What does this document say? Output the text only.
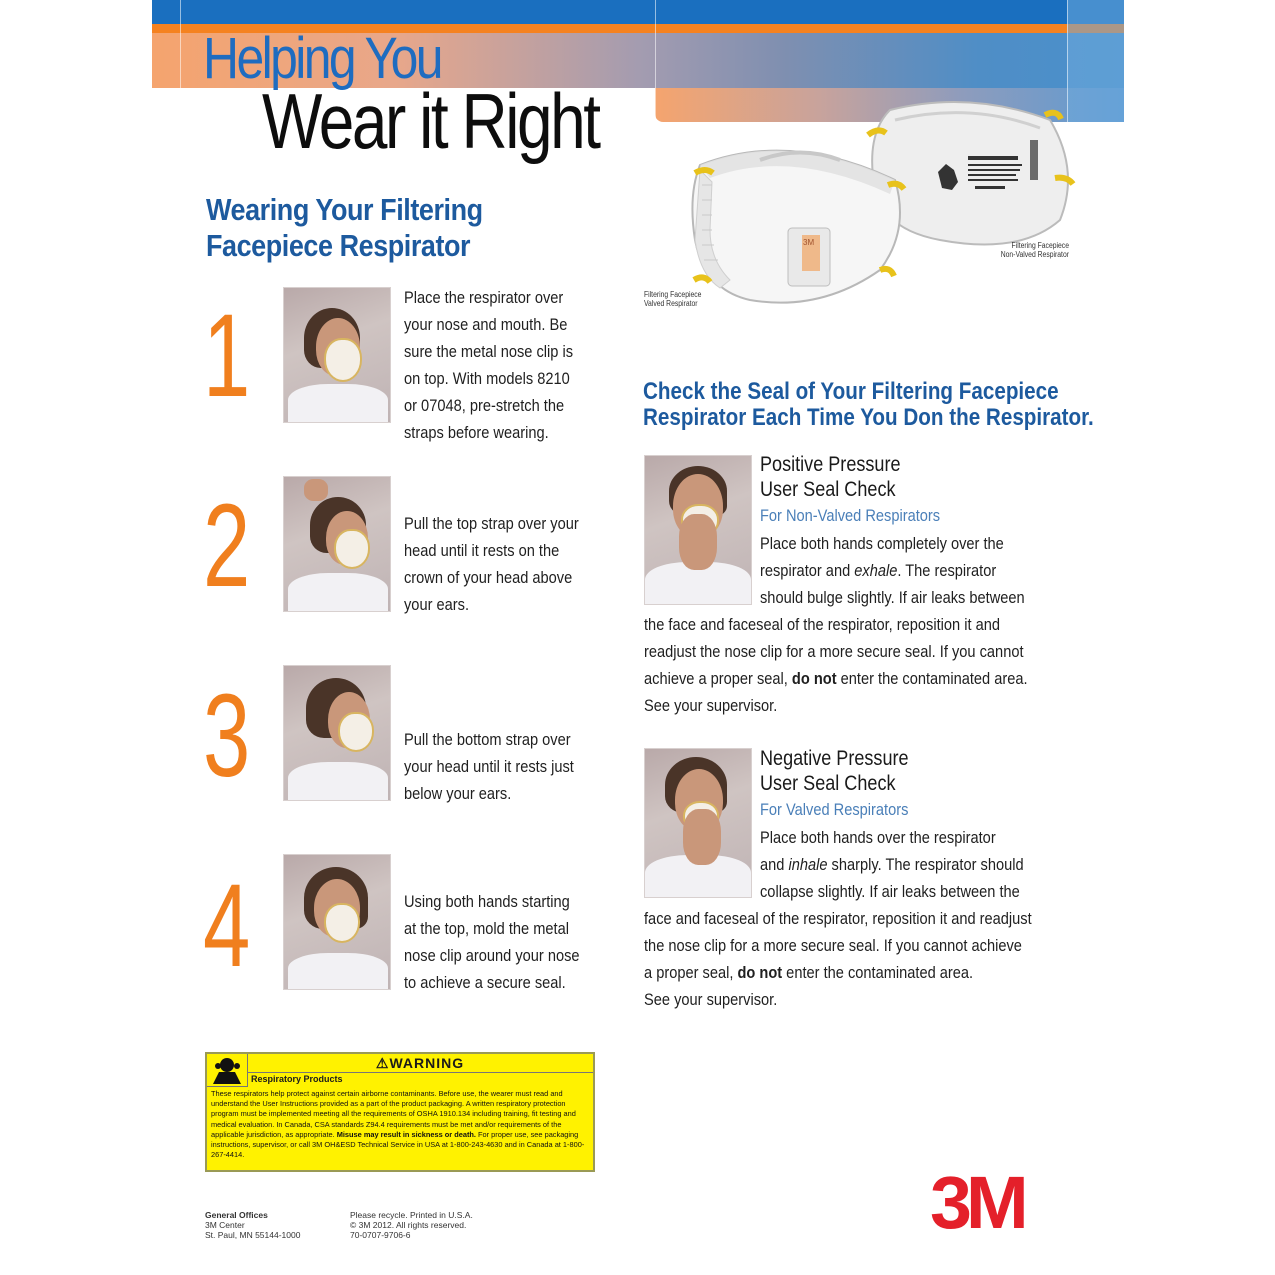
Helping You
Wear it Right
3M
Filtering Facepiece
Valved Respirator
Filtering Facepiece
Non-Valved Respirator
Wearing Your Filtering
Facepiece Respirator
1	Place the respirator over
your nose and mouth. Be
sure the metal nose clip is
on top. With models 8210
or 07048, pre-stretch the
straps before wearing.
2	Pull the top strap over your
head until it rests on the
crown of your head above
your ears.
3	Pull the bottom strap over
your head until it rests just
below your ears.
4	Using both hands starting
at the top, mold the metal
nose clip around your nose
to achieve a secure seal.
Check the Seal of Your Filtering Facepiece
Respirator Each Time You Don the Respirator.
Positive Pressure
User Seal Check
For Non-Valved Respirators
Place both hands completely over the
respirator and exhale. The respirator
should bulge slightly. If air leaks between
the face and faceseal of the respirator, reposition it and
readjust the nose clip for a more secure seal. If you cannot
achieve a proper seal, do not enter the contaminated area.
See your supervisor.
Negative Pressure
User Seal Check
For Valved Respirators
Place both hands over the respirator
and inhale sharply. The respirator should
collapse slightly. If air leaks between the
face and faceseal of the respirator, reposition it and readjust
the nose clip for a more secure seal. If you cannot achieve
a proper seal, do not enter the contaminated area.
See your supervisor.
⚠WARNING
Respiratory Products
These respirators help protect against certain airborne contaminants. Before use, the wearer must read and understand the User Instructions provided as a part of the product packaging. A written respiratory protection program must be implemented meeting all the requirements of OSHA 1910.134 including training, fit testing and medical evaluation. In Canada, CSA standards Z94.4 requirements must be met and/or requirements of the applicable jurisdiction, as appropriate. Misuse may result in sickness or death. For proper use, see packaging instructions, supervisor, or call 3M OH&ESD Technical Service in USA at 1-800-243-4630 and in Canada at 1-800-267-4414.
General Offices
3M Center
St. Paul, MN 55144-1000
Please recycle. Printed in U.S.A.
© 3M 2012. All rights reserved.
70-0707-9706-6	3M
